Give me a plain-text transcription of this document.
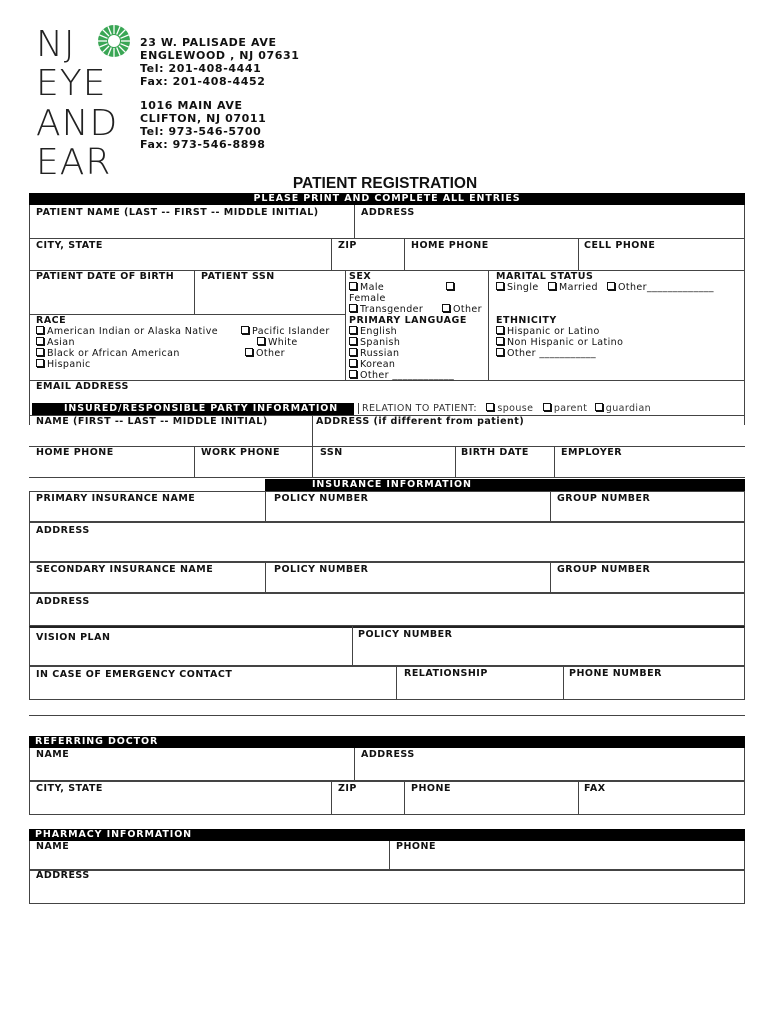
NJ
EYE
AND
EAR
23 W. PALISADE AVE
ENGLEWOOD , NJ 07631
Tel: 201-408-4441
Fax: 201-408-4452
1016 MAIN AVE
CLIFTON, NJ 07011
Tel: 973-546-5700
Fax: 973-546-8898
PATIENT REGISTRATION
PLEASE PRINT AND COMPLETE ALL ENTRIES
PATIENT NAME (LAST -- FIRST -- MIDDLE INITIAL)	ADDRESS
CITY, STATE	ZIP	HOME PHONE	CELL PHONE
PATIENT DATE OF BIRTH	PATIENT SSN	SEX
Male
Female
Transgender	Other
MARITAL STATUS
Single	Married	Other_____________
RACE
American Indian or Alaska Native
Asian
Black or African American
Hispanic
Pacific Islander
White
Other
PRIMARY LANGUAGE
English
Spanish
Russian
Korean
Other ____________
ETHNICITY
Hispanic or Latino
Non Hispanic or Latino
Other ___________
EMAIL ADDRESS
INSURED/RESPONSIBLE PARTY INFORMATION	RELATION TO PATIENT: spouse parent guardian
NAME (FIRST -- LAST -- MIDDLE INITIAL)	ADDRESS (if different from patient)
HOME PHONE	WORK PHONE	SSN	BIRTH DATE	EMPLOYER
INSURANCE INFORMATION
PRIMARY INSURANCE NAME	POLICY NUMBER	GROUP NUMBER
ADDRESS
SECONDARY INSURANCE NAME	POLICY NUMBER	GROUP NUMBER
ADDRESS
VISION PLAN	POLICY NUMBER
IN CASE OF EMERGENCY CONTACT	RELATIONSHIP	PHONE NUMBER
REFERRING DOCTOR
NAME	ADDRESS
CITY, STATE	ZIP	PHONE	FAX
PHARMACY INFORMATION
NAME	PHONE
ADDRESS
